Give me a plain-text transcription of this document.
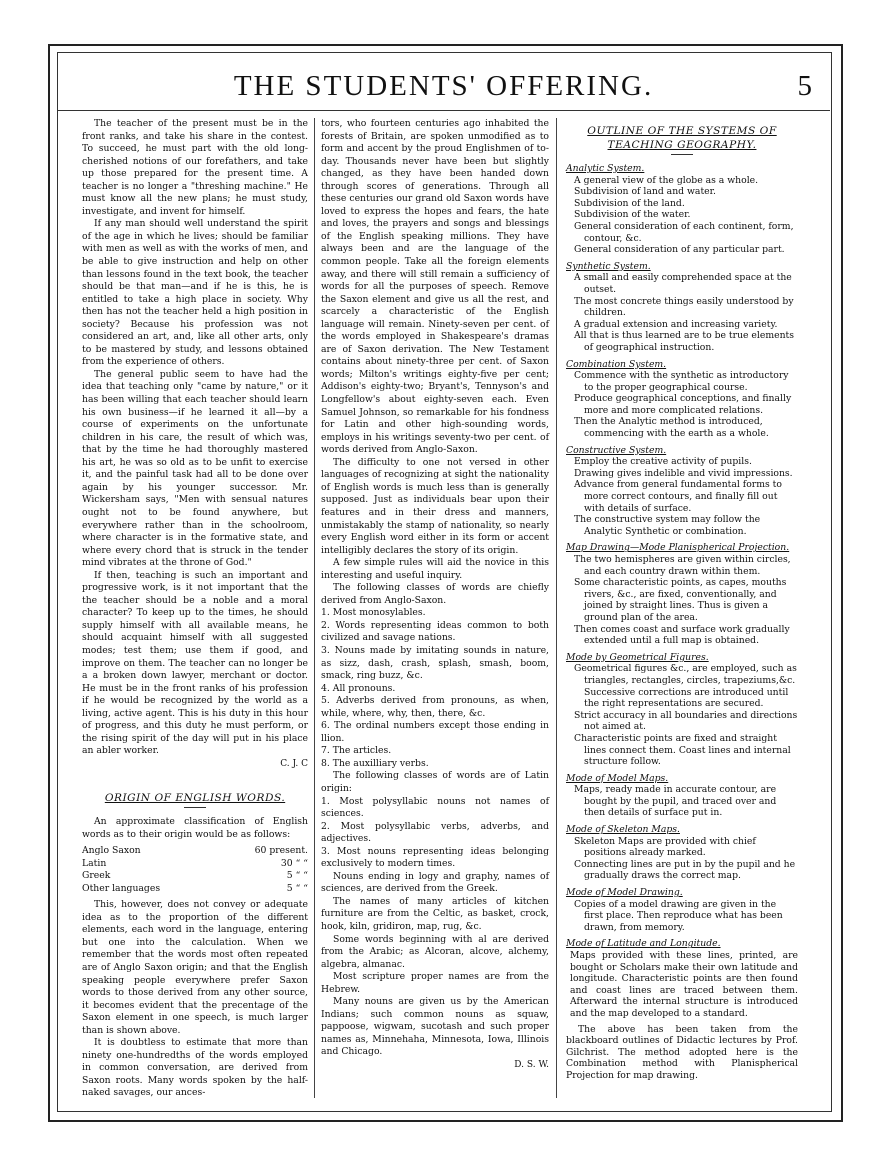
THE STUDENTS' OFFERING.	5

The teacher of the present must be in the front ranks, and take his share in the contest. To succeed, he must part with the old long-cherished notions of our forefathers, and take up those prepared for the present time. A teacher is no longer a "threshing machine." He must know all the new plans; he must study, investigate, and invent for himself.

If any man should well understand the spirit of the age in which he lives; should be familiar with men as well as with the works of men, and be able to give instruction and help on other than lessons found in the text book, the teacher should be that man—and if he is this, he is entitled to take a high place in society. Why then has not the teacher held a high position in society? Because his profession was not considered an art, and, like all other arts, only to be mastered by study, and lessons obtained from the experience of others.

The general public seem to have had the idea that teaching only "came by nature," or it has been willing that each teacher should learn his own business—if he learned it all—by a course of experiments on the unfortunate children in his care, the result of which was, that by the time he had thoroughly mastered his art, he was so old as to be unfit to exercise it, and the painful task had all to be done over again by his younger successor. Mr. Wickersham says, "Men with sensual natures ought not to be found anywhere, but everywhere rather than in the schoolroom, where character is in the formative state, and where every chord that is struck in the tender mind vibrates at the throne of God."

If then, teaching is such an important and progressive work, is it not important that the the teacher should be a noble and a moral character? To keep up to the times, he should supply himself with all available means, he should acquaint himself with all suggested modes; test them; use them if good, and improve on them. The teacher can no longer be a a broken down lawyer, merchant or doctor. He must be in the front ranks of his profession if he would be recognized by the world as a living, active agent. This is his duty in this hour of progress, and this duty he must perform, or the rising spirit of the day will put in his place an abler worker.

C. J. C

ORIGIN OF ENGLISH WORDS.

An approximate classification of English words as to their origin would be as follows:

Anglo Saxon	60 present.
Latin	30 “ “
Greek	5 “ “
Other languages	5 “ “

This, however, does not convey or adequate idea as to the proportion of the different elements, each word in the language, entering but one into the calculation. When we remember that the words most often repeated are of Anglo Saxon origin; and that the English speaking people everywhere prefer Saxon words to those derived from any other source, it becomes evident that the precentage of the Saxon element in one speech, is much larger than is shown above.

It is doubtless to estimate that more than ninety one-hundredths of the words employed in common conversation, are derived from Saxon roots. Many words spoken by the half-naked savages, our ances-

tors, who fourteen centuries ago inhabited the forests of Britain, are spoken unmodified as to form and accent by the proud Englishmen of to-day. Thousands never have been but slightly changed, as they have been handed down through scores of generations. Through all these centuries our grand old Saxon words have loved to express the hopes and fears, the hate and loves, the prayers and songs and blessings of the English speaking millions. They have always been and are the language of the common people. Take all the foreign elements away, and there will still remain a sufficiency of words for all the purposes of speech. Remove the Saxon element and give us all the rest, and scarcely a characteristic of the English language will remain. Ninety-seven per cent. of the words employed in Shakespeare's dramas are of Saxon derivation. The New Testament contains about ninety-three per cent. of Saxon words; Milton's writings eighty-five per cent; Addison's eighty-two; Bryant's, Tennyson's and Longfellow's about eighty-seven each. Even Samuel Johnson, so remarkable for his fondness for Latin and other high-sounding words, employs in his writings seventy-two per cent. of words derived from Anglo-Saxon.

The difficulty to one not versed in other languages of recognizing at sight the nationality of English words is much less than is generally supposed. Just as individuals bear upon their features and in their dress and manners, unmistakably the stamp of nationality, so nearly every English word either in its form or accent intelligibly declares the story of its origin.

A few simple rules will aid the novice in this interesting and useful inquiry.

The following classes of words are chiefly derived from Anglo-Saxon.

1. Most monosylables.

2. Words representing ideas common to both civilized and savage nations.

3. Nouns made by imitating sounds in nature, as sizz, dash, crash, splash, smash, boom, smack, ring buzz, &c.

4. All pronouns.

5. Adverbs derived from pronouns, as when, while, where, why, then, there, &c.

6. The ordinal numbers except those ending in llion.

7. The articles.

8. The auxilliary verbs.

The following classes of words are of Latin origin:

1. Most polysyllabic nouns not names of sciences.

2. Most polysyllabic verbs, adverbs, and adjectives.

3. Most nouns representing ideas belonging exclusively to modern times.

Nouns ending in logy and graphy, names of sciences, are derived from the Greek.

The names of many articles of kitchen furniture are from the Celtic, as basket, crock, hook, kiln, gridiron, map, rug, &c.

Some words beginning with al are derived from the Arabic; as Alcoran, alcove, alchemy, algebra, almanac.

Most scripture proper names are from the Hebrew.

Many nouns are given us by the American Indians; such common nouns as squaw, pappoose, wigwam, sucotash and such proper names as, Minnehaha, Minnesota, Iowa, Illinois and Chicago.

D. S. W.

OUTLINE OF THE SYSTEMS OF TEACHING GEOGRAPHY.

Analytic System.

A general view of the globe as a whole.

Subdivision of land and water.

Subdivision of the land.

Subdivision of the water.

General consideration of each continent, form, contour, &c.

General consideration of any particular part.

Synthetic System.

A small and easily comprehended space at the outset.

The most concrete things easily understood by children.

A gradual extension and increasing variety.

All that is thus learned are to be true elements of geographical instruction.

Combination System.

Commence with the synthetic as introductory to the proper geographical course.

Produce geographical conceptions, and finally more and more complicated relations.

Then the Analytic method is introduced, commencing with the earth as a whole.

Constructive System.

Employ the creative activity of pupils.

Drawing gives indelible and vivid impressions.

Advance from general fundamental forms to more correct contours, and finally fill out with details of surface.

The constructive system may follow the Analytic Synthetic or combination.

Map Drawing—Mode Planispherical Projection.

The two hemispheres are given within circles, and each country drawn within them.

Some characteristic points, as capes, mouths rivers, &c., are fixed, conventionally, and joined by straight lines. Thus is given a ground plan of the area.

Then comes coast and surface work gradually extended until a full map is obtained.

Mode by Geometrical Figures.

Geometrical figures &c., are employed, such as triangles, rectangles, circles, trapeziums,&c. Successive corrections are introduced until the right representations are secured.

Strict accuracy in all boundaries and directions not aimed at.

Characteristic points are fixed and straight lines connect them. Coast lines and internal structure follow.

Mode of Model Maps.

Maps, ready made in accurate contour, are bought by the pupil, and traced over and then details of surface put in.

Mode of Skeleton Maps.

Skeleton Maps are provided with chief positions already marked.

Connecting lines are put in by the pupil and he gradually draws the correct map.

Mode of Model Drawing.

Copies of a model drawing are given in the first place. Then reproduce what has been drawn, from memory.

Mode of Latitude and Longitude.

Maps provided with these lines, printed, are bought or Scholars make their own latitude and longitude. Characteristic points are then found and coast lines are traced between them. Afterward the internal structure is introduced and the map developed to a standard.

The above has been taken from the blackboard outlines of Didactic lectures by Prof. Gilchrist. The method adopted here is the Combination method with Planispherical Projection for map drawing.
